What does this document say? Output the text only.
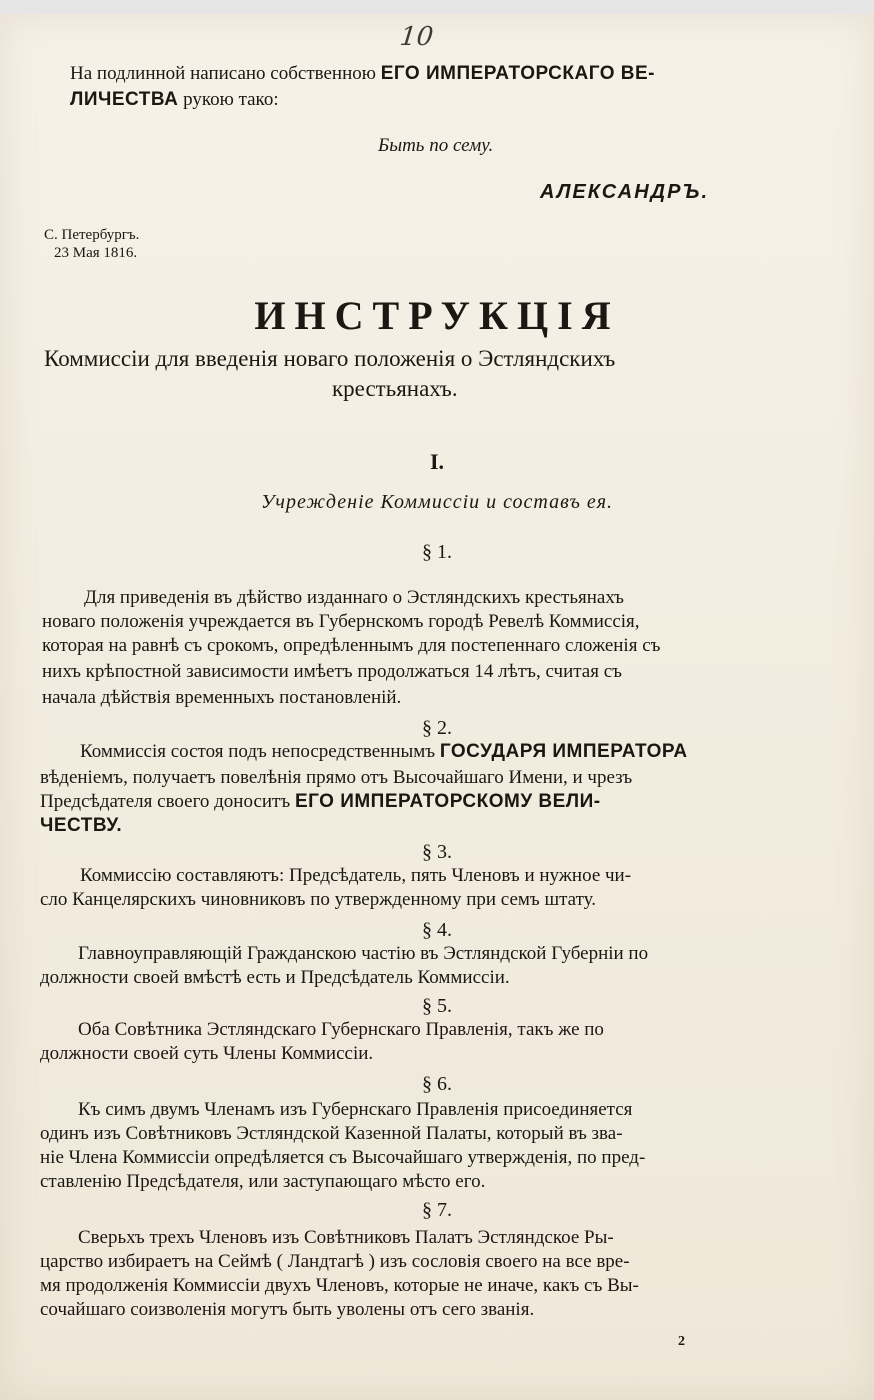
10

На подлинной написано собственною ЕГО ИМПЕРАТОРСКАГО ВЕ-

ЛИЧЕСТВА рукою тако:

Быть по сему.

АЛЕКСАНДРЪ.

С. Петербургъ.

23 Мая 1816.

ИНСТРУКЦІЯ

Коммиссіи для введенія нoваго положенія о Эстляндскихъ

крестьянахъ.

I.

Учрежденіе Коммиссіи и составъ ея.

§ 1.

Для приведенія въ дѣйство изданнаго о Эстляндскихъ крестьянахъ

новаго положенія учреждается въ Губернскомъ городѣ Ревелѣ Коммиссія,

которая на равнѣ съ срокомъ, опредѣленнымъ для постепеннаго сложенія съ

нихъ крѣпостной зависимости имѣетъ продолжаться 14 лѣтъ, считая съ

начала дѣйствія временныхъ постановленій.

§ 2.

Коммиссія состоя подъ непосредственнымъ ГОСУДАРЯ ИМПЕРАТОРА

вѣденіемъ, получаетъ повелѣнія прямо отъ Высочайшаго Имени, и чрезъ

Предсѣдателя своего доноситъ ЕГО ИМПЕРАТОРСКОМУ ВЕЛИ-

ЧЕСТВУ.

§ 3.

Коммиссію составляютъ: Предсѣдатель, пять Членовъ и нужное чи-

сло Канцелярскихъ чиновниковъ по утвержденному при семъ штату.

§ 4.

Главноуправляющій Гражданскою частію въ Эстляндской Губерніи по

должности своей вмѣстѣ есть и Предсѣдатель Коммиссіи.

§ 5.

Оба Совѣтника Эстляндскаго Губернскаго Правленія, такъ же по

должности своей суть Члены Коммиссіи.

§ 6.

Къ симъ двумъ Членамъ изъ Губернскаго Правленія присоединяется

одинъ изъ Совѣтниковъ Эстляндской Казенной Палаты, который въ зва-

ніе Члена Коммиссіи опредѣляется съ Высочайшаго утвержденія, по пред-

ставленію Предсѣдателя, или заступающаго мѣсто его.

§ 7.

Сверьхъ трехъ Членовъ изъ Совѣтниковъ Палатъ Эстляндское Ры-

царство избираетъ на Сеймѣ ( Ландтагѣ ) изъ сословія своего на все вре-

мя продолженія Коммиссіи двухъ Членовъ, которые не иначе, какъ съ Вы-

сочайшаго соизволенія могутъ быть уволены отъ сего званія.

2
